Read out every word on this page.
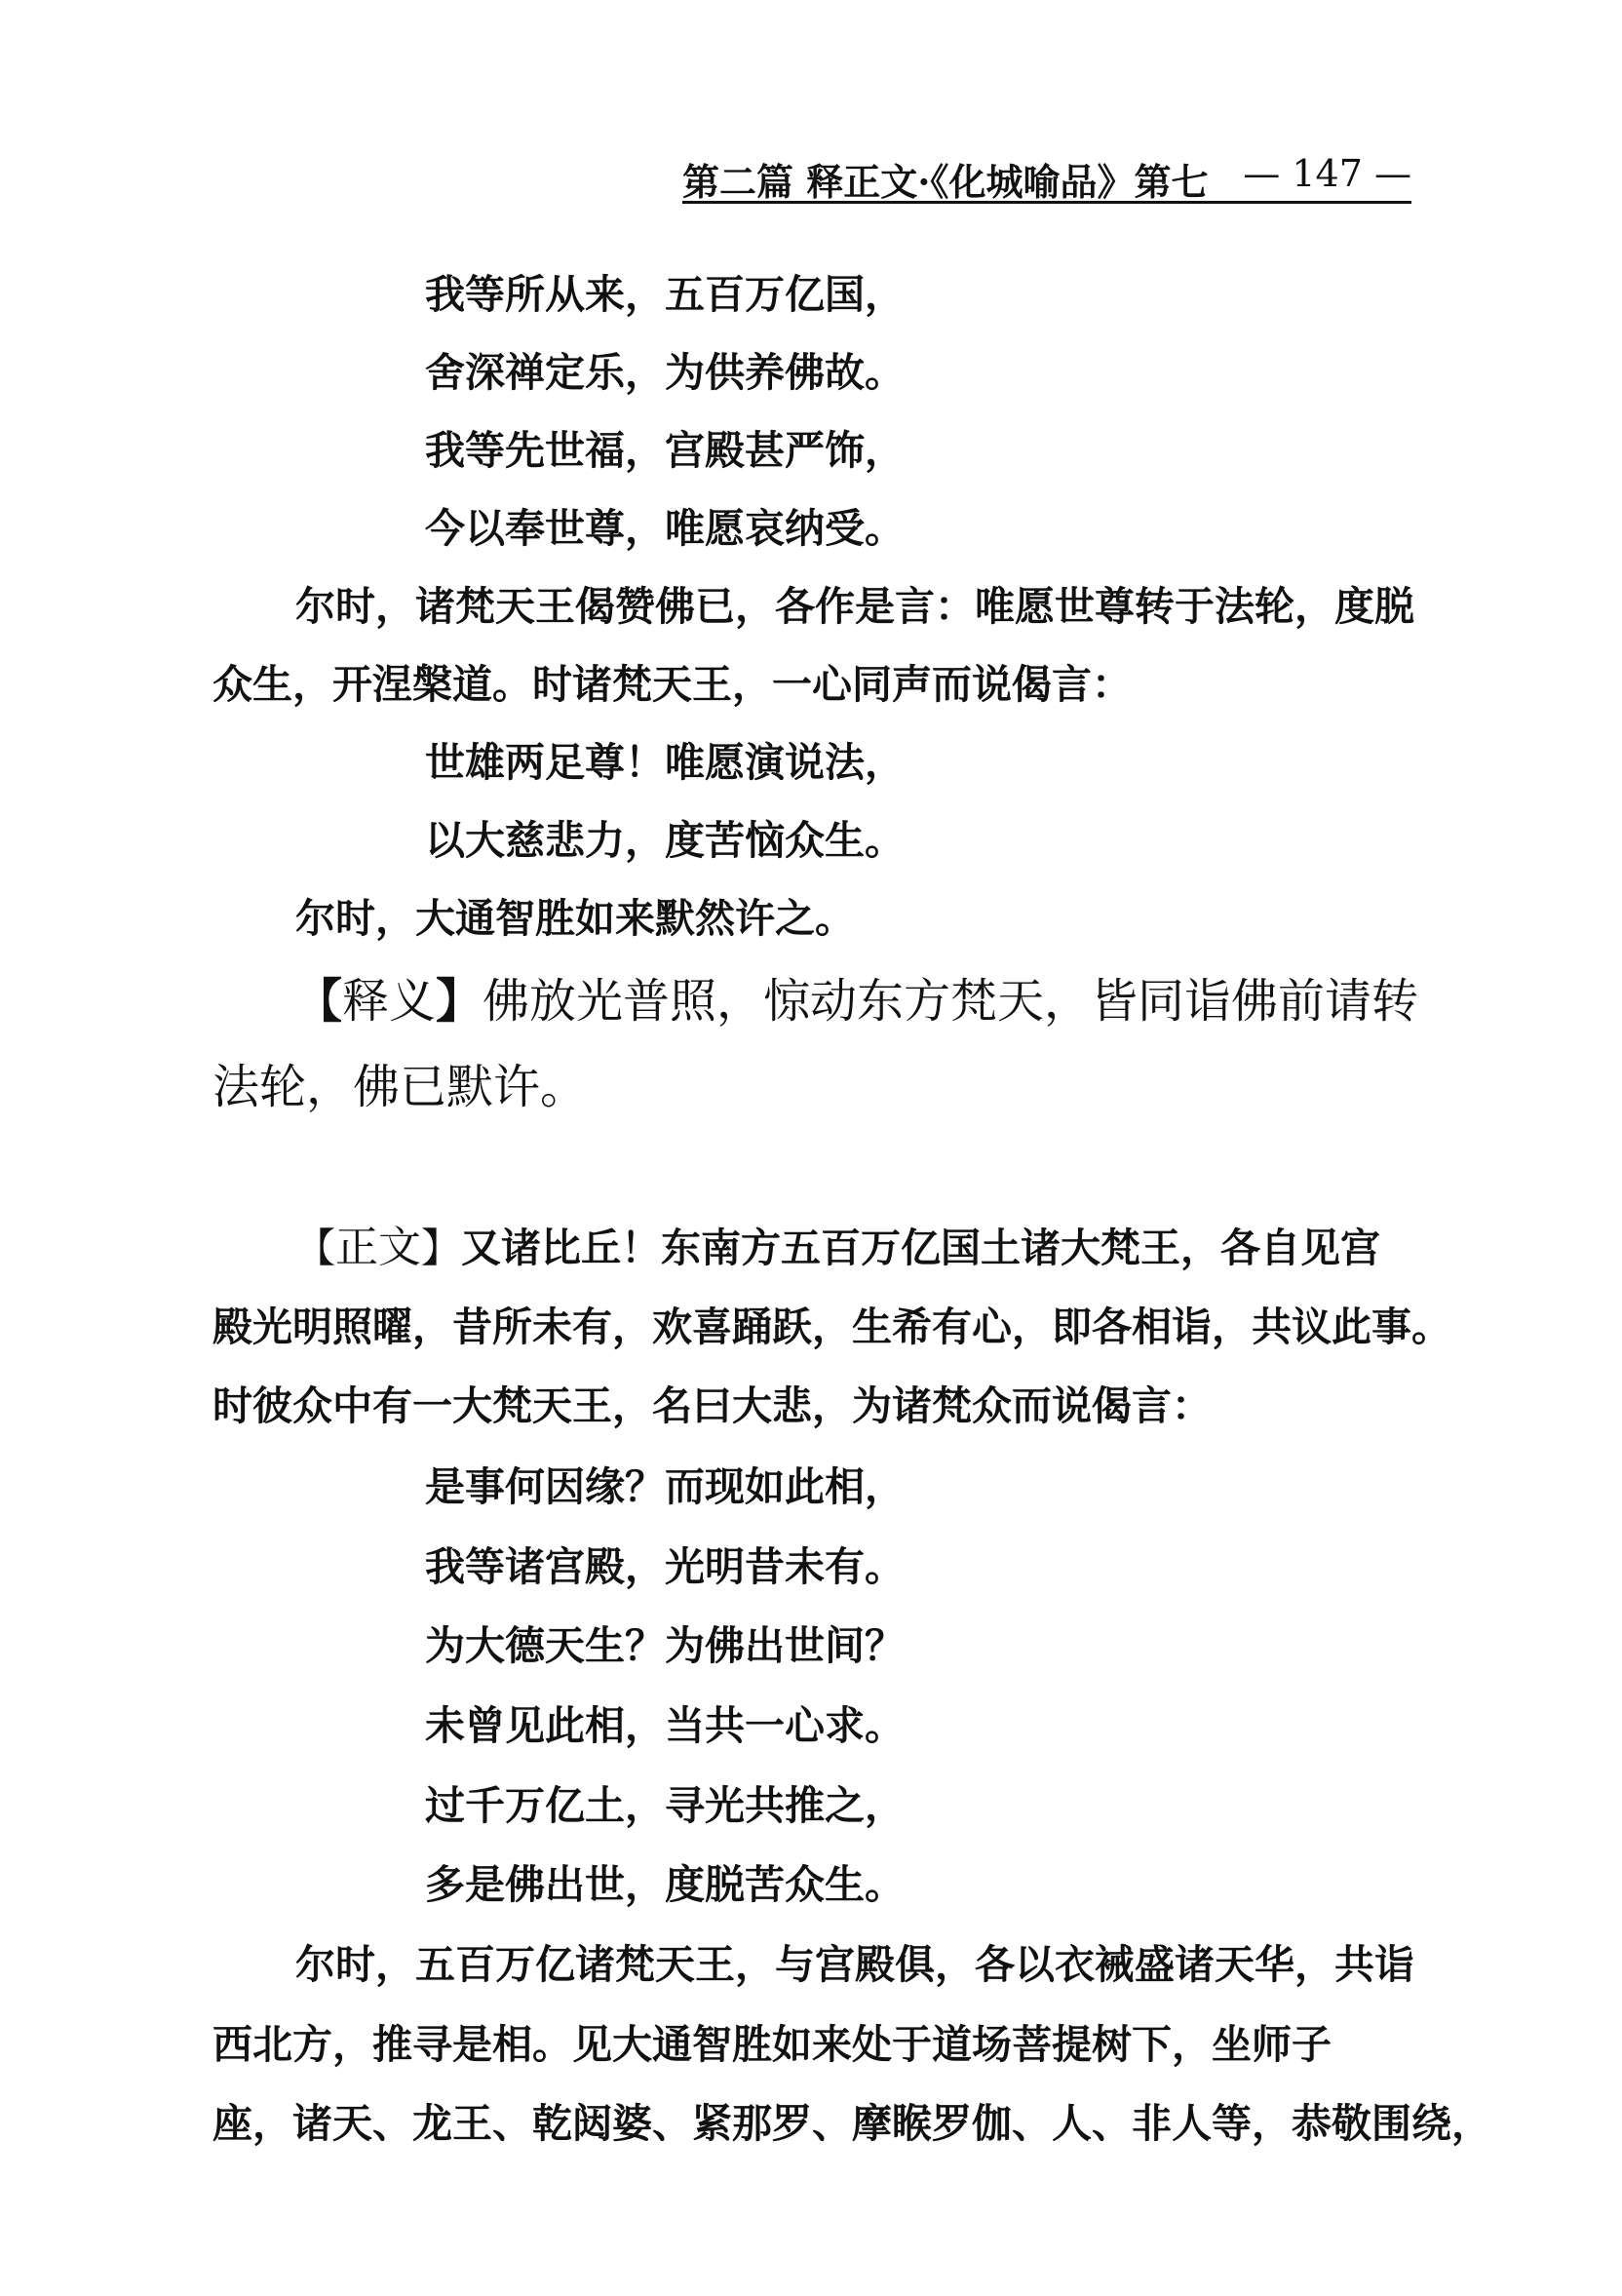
第二篇 释正文·《化城喻品》第七 — 147 —
我等所从来，五百万亿国，
舍深禅定乐，为供养佛故。
我等先世福，宫殿甚严饰，
今以奉世尊，唯愿哀纳受。
尔时，诸梵天王偈赞佛已，各作是言：唯愿世尊转于法轮，度脱
众生，开涅槃道。时诸梵天王，一心同声而说偈言：
世雄两足尊！唯愿演说法，
以大慈悲力，度苦恼众生。
尔时，大通智胜如来默然许之。
【释义】佛放光普照，惊动东方梵天，皆同诣佛前请转
法轮，佛已默许。
【正文】又诸比丘！东南方五百万亿国土诸大梵王，各自见宫
殿光明照曜，昔所未有，欢喜踊跃，生希有心，即各相诣，共议此事。
时彼众中有一大梵天王，名曰大悲，为诸梵众而说偈言：
是事何因缘？而现如此相，
我等诸宫殿，光明昔未有。
为大德天生？为佛出世间？
未曾见此相，当共一心求。
过千万亿土，寻光共推之，
多是佛出世，度脱苦众生。
尔时，五百万亿诸梵天王，与宫殿俱，各以衣裓盛诸天华，共诣
西北方，推寻是相。见大通智胜如来处于道场菩提树下，坐师子
座，诸天、龙王、乾闼婆、紧那罗、摩睺罗伽、人、非人等，恭敬围绕，
